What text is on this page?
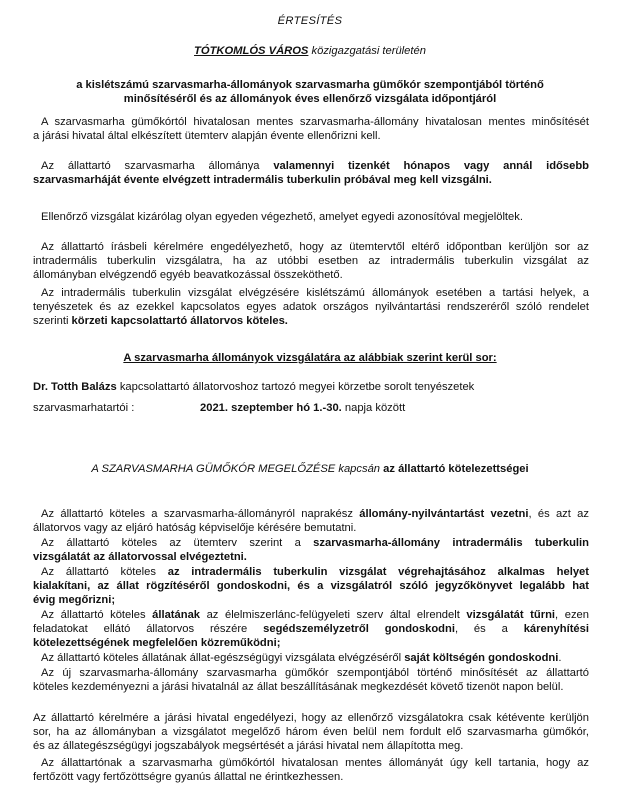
ÉRTESÍTÉS
TÓTKOMLÓS VÁROS közigazgatási területén
a kislétszámú szarvasmarha-állományok szarvasmarha gümőkór szempontjából történő
minősítéséről és az állományok éves ellenőrző vizsgálata időpontjáról
A szarvasmarha gümőkórtól hivatalosan mentes szarvasmarha-állomány hivatalosan mentes minősítését
a járási hivatal által elkészített ütemterv alapján évente ellenőrizni kell.
Az állattartó szarvasmarha állománya valamennyi tizenkét hónapos vagy annál idősebb
szarvasmarháját évente elvégzett intradermális tuberkulin próbával meg kell vizsgálni.
Ellenőrző vizsgálat kizárólag olyan egyeden végezhető, amelyet egyedi azonosítóval megjelöltek.
Az állattartó írásbeli kérelmére engedélyezhető, hogy az ütemtervtől eltérő időpontban kerüljön sor az
intradermális tuberkulin vizsgálatra, ha az utóbbi esetben az intradermális tuberkulin vizsgálat az
állományban elvégzendő egyéb beavatkozással összeköthető.
Az intradermális tuberkulin vizsgálat elvégzésére kislétszámú állományok esetében a tartási helyek, a
tenyészetek és az ezekkel kapcsolatos egyes adatok országos nyilvántartási rendszeréről szóló rendelet
szerinti körzeti kapcsolattartó állatorvos köteles.
A szarvasmarha állományok vizsgálatára az alábbiak szerint kerül sor:
Dr. Totth Balázs kapcsolattartó állatorvoshoz tartozó megyei körzetbe sorolt tenyészetek
szarvasmarhatartói :	2021. szeptember hó 1.-30. napja között
A SZARVASMARHA GÜMŐKÓR MEGELŐZÉSE kapcsán az állattartó kötelezettségei
Az állattartó köteles a szarvasmarha-állományról naprakész állomány-nyilvántartást vezetni, és azt az
állatorvos vagy az eljáró hatóság képviselője kérésére bemutatni.
Az állattartó köteles az ütemterv szerint a szarvasmarha-állomány intradermális tuberkulin
vizsgálatát az állatorvossal elvégeztetni.
Az állattartó köteles az intradermális tuberkulin vizsgálat végrehajtásához alkalmas helyet
kialakítani, az állat rögzítéséről gondoskodni, és a vizsgálatról szóló jegyzőkönyvet legalább hat
évig megőrizni;
Az állattartó köteles állatának az élelmiszerlánc-felügyeleti szerv által elrendelt vizsgálatát tűrni, ezen
feladatokat ellátó állatorvos részére segédszemélyzetről gondoskodni, és a kárenyhítési
kötelezettségének megfelelően közreműködni;
Az állattartó köteles állatának állat-egészségügyi vizsgálata elvégzéséről saját költségén gondoskodni.
Az új szarvasmarha-állomány szarvasmarha gümőkór szempontjából történő minősítését az állattartó
köteles kezdeményezni a járási hivatalnál az állat beszállításának megkezdését követő tizenöt napon belül.
Az állattartó kérelmére a járási hivatal engedélyezi, hogy az ellenőrző vizsgálatokra csak kétévente kerüljön
sor, ha az állományban a vizsgálatot megelőző három éven belül nem fordult elő szarvasmarha gümőkór,
és az állategészségügyi jogszabályok megsértését a járási hivatal nem állapította meg.
Az állattartónak a szarvasmarha gümőkórtól hivatalosan mentes állományát úgy kell tartania, hogy az
fertőzött vagy fertőzöttségre gyanús állattal ne érintkezhessen.
